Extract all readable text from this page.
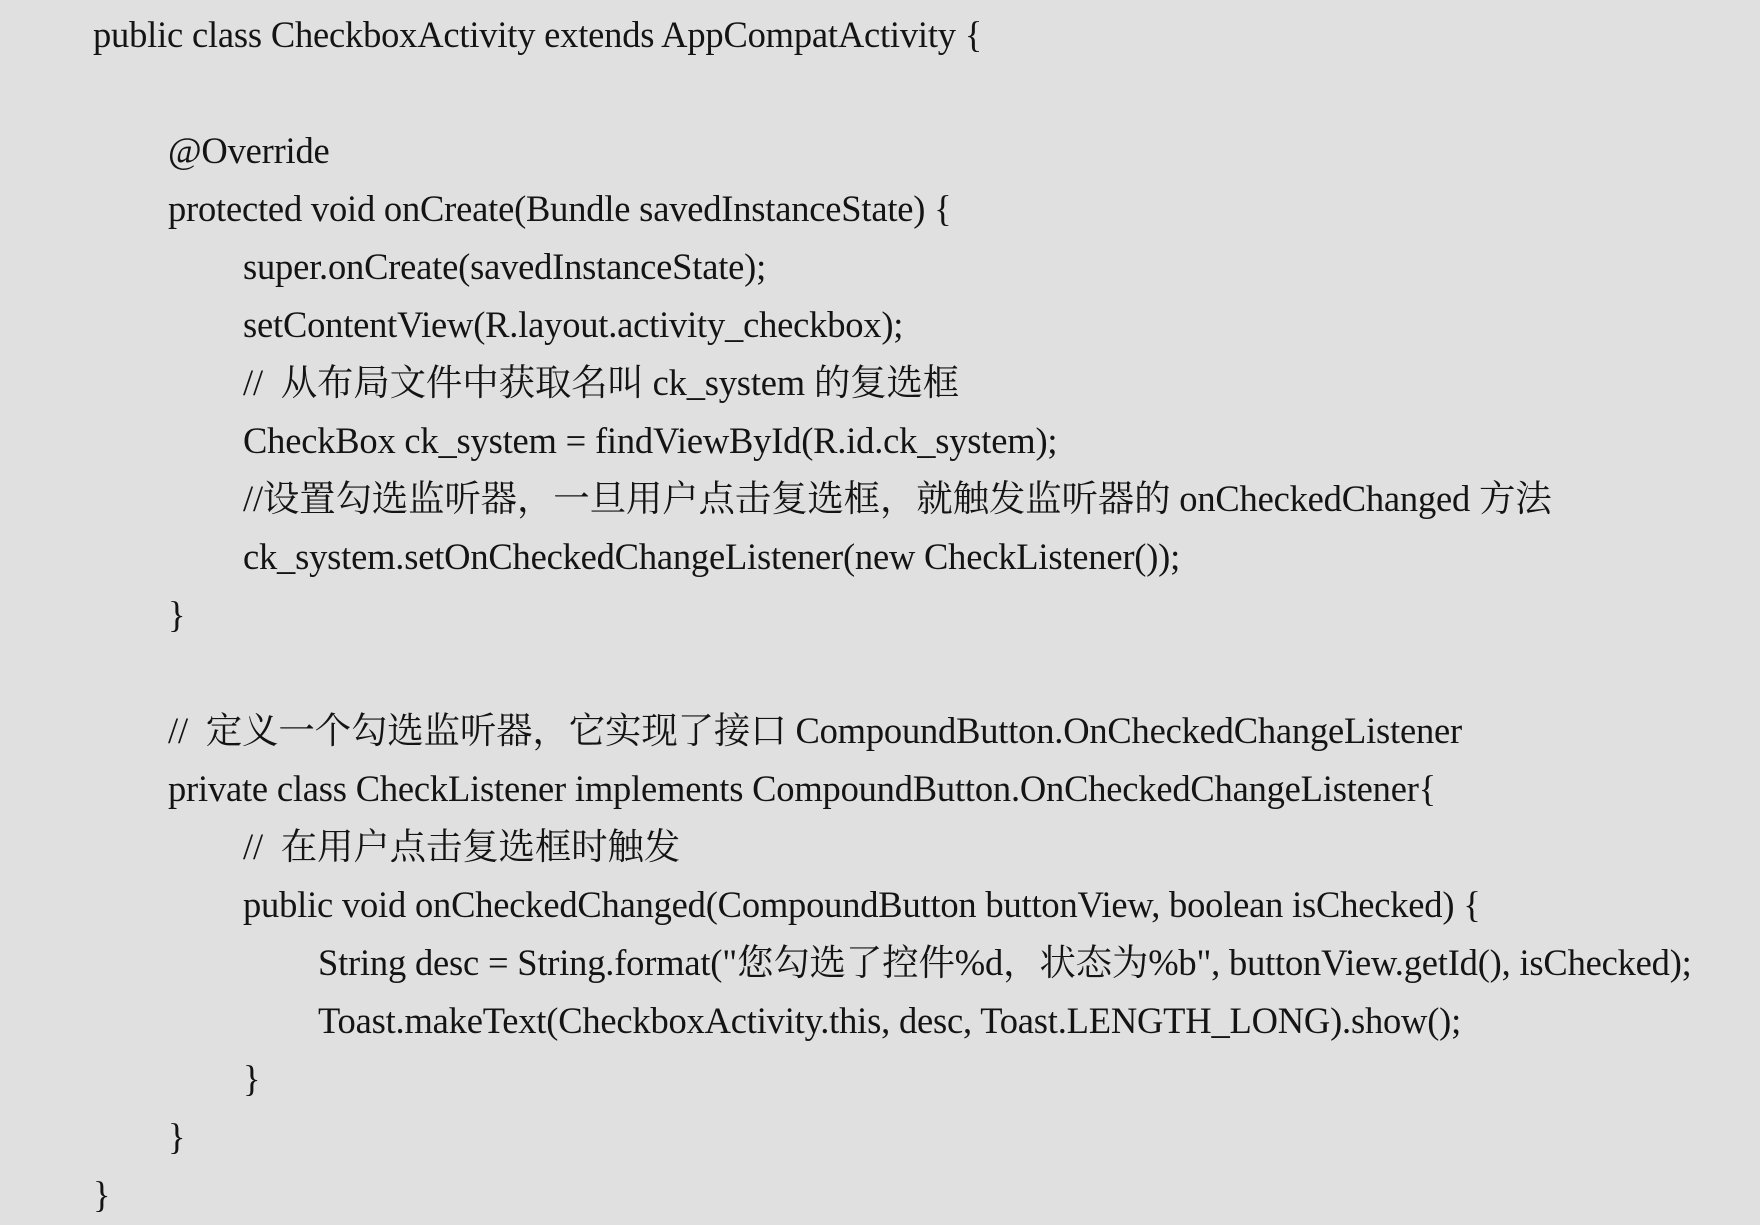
public class CheckboxActivity extends AppCompatActivity {
@Override
protected void onCreate(Bundle savedInstanceState) {
super.onCreate(savedInstanceState);
setContentView(R.layout.activity_checkbox);
//  从布局文件中获取名叫 ck_system 的复选框
CheckBox ck_system = findViewById(R.id.ck_system);
//设置勾选监听器，一旦用户点击复选框，就触发监听器的 onCheckedChanged 方法
ck_system.setOnCheckedChangeListener(new CheckListener());
}
//  定义一个勾选监听器，它实现了接口 CompoundButton.OnCheckedChangeListener
private class CheckListener implements CompoundButton.OnCheckedChangeListener{
//  在用户点击复选框时触发
public void onCheckedChanged(CompoundButton buttonView, boolean isChecked) {
String desc = String.format("您勾选了控件%d，状态为%b", buttonView.getId(), isChecked);
Toast.makeText(CheckboxActivity.this, desc, Toast.LENGTH_LONG).show();
}
}
}
